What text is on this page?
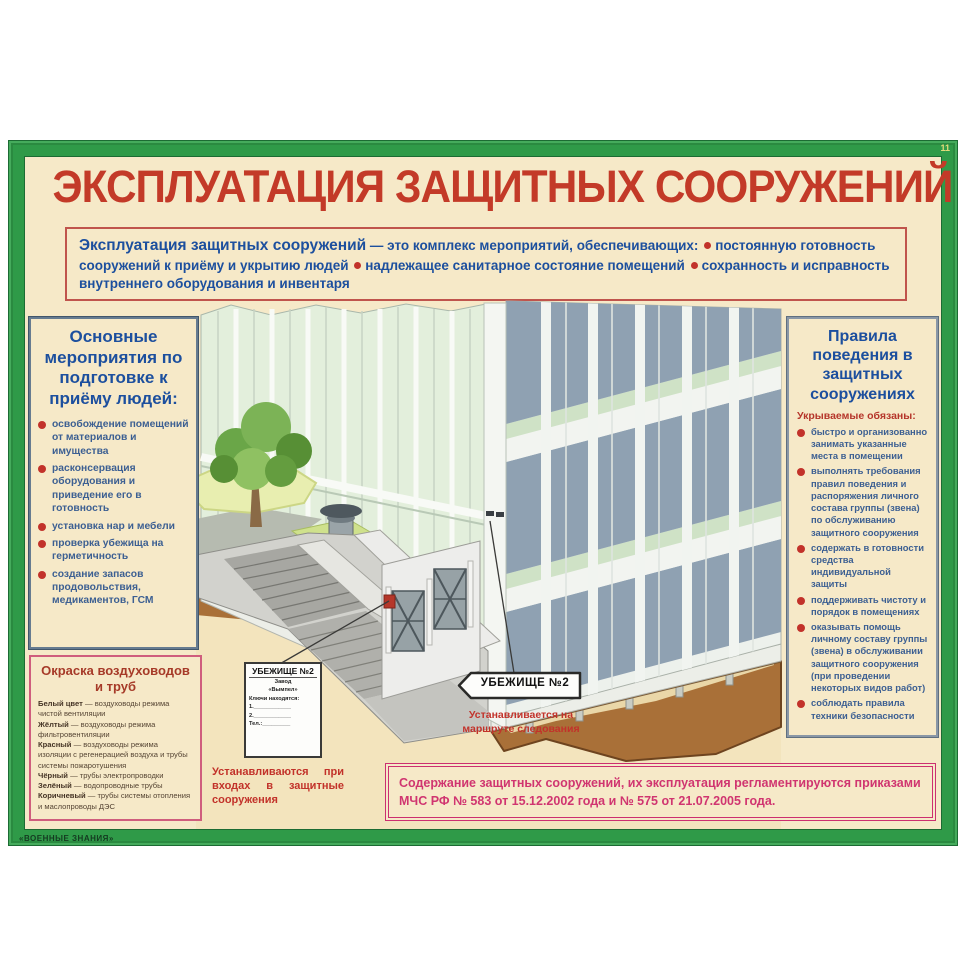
11
«ВОЕННЫЕ ЗНАНИЯ»
ЭКСПЛУАТАЦИЯ ЗАЩИТНЫХ СООРУЖЕНИЙ
Эксплуатация защитных сооружений — это комплекс мероприятий, обеспечивающих: постоянную готовность сооружений к приёму и укрытию людей надлежащее санитарное состояние помещений сохранность и исправность внутреннего оборудования и инвентаря
Основные мероприятия по подготовке к приёму людей:
освобождение помещений от материалов и имущества
расконсервация оборудования и приведение его в готовность
установка нар и мебели
проверка убежища на герметичность
создание запасов продовольствия, медикаментов, ГСМ
Окраска воздуховодов и труб
Белый цвет — воздуховоды режима чистой вентиляции
Жёлтый — воздуховоды режима фильтровентиляции
Красный — воздуховоды режима изоляции с регенерацией воздуха и трубы системы пожаротушения
Чёрный — трубы электропроводки
Зелёный — водопроводные трубы
Коричневый — трубы системы отопления и маслопроводы ДЭС
Правила поведения в защитных сооружениях
Укрываемые обязаны:
быстро и организованно занимать указанные места в помещении
выполнять требования правил поведения и распоряжения личного состава группы (звена) по обслуживанию защитного сооружения
содержать в готовности средства индивидуальной защиты
поддерживать чистоту и порядок в помещениях
оказывать помощь личному составу группы (звена) в обслуживании защитного сооружения (при проведении некоторых видов работ)
соблюдать правила техники безопасности
УБЕЖИЩЕ №2
Завод
«Вымпел»
Ключи находятся:
1.____________
2.____________
Тел.:_________
Устанавливаются при входах в защитные сооружения
УБЕЖИЩЕ №2
Устанавливается на маршруте следования
Содержание защитных сооружений, их эксплуатация регламентируются приказами МЧС РФ № 583 от 15.12.2002 года и № 575 от 21.07.2005 года.
